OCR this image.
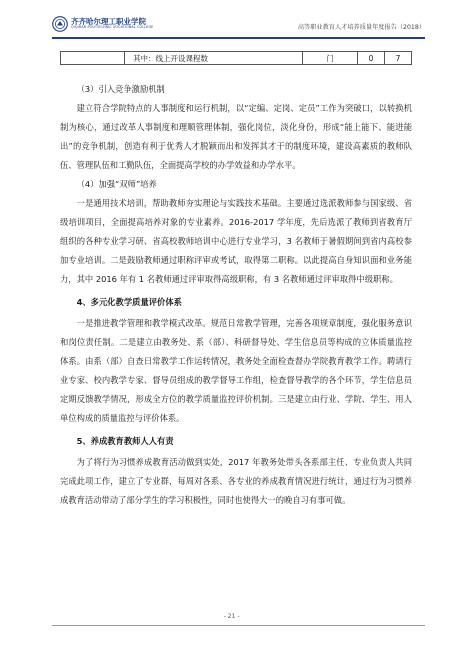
齐齐哈尔理工职业学院
QIQIHAR POLYTECHNIC VOCATIONAL COLLEGE	高等职业教育人才培养质量年度报告（2018）
其中：线上开设课程数	门	0	7
（3）引入竞争激励机制

建立符合学院特点的人事制度和运行机制，以“定编、定岗、定员”工作为突破口，以转换机制为核心，通过改革人事制度和理顺管理体制，强化岗位，淡化身份，形成“能上能下、能进能出”的竞争机制，创造有利于优秀人才脱颖而出和发挥其才干的制度环境，建设高素质的教师队伍、管理队伍和工勤队伍，全面提高学校的办学效益和办学水平。

（4）加强“双师”培养

一是通用技术培训，帮助教师夯实理论与实践技术基础。主要通过选派教师参与国家级、省级培训项目，全面提高培养对象的专业素养。2016-2017 学年度，先后选派了教师到省教育厅组织的各种专业学习研、省高校教师培训中心进行专业学习，3 名教师于暑假期间到省内高校参加专业培训。二是鼓励教师通过职称评审或考试，取得第二职称。以此提高自身知识面和业务能力，其中 2016 年有 1 名教师通过评审取得高级职称，有 3 名教师通过评审取得中级职称。

4、多元化教学质量评价体系

一是推进教学管理和教学模式改革。规范日常教学管理，完善各项规章制度，强化服务意识和岗位责任制。二是建立由教务处、系（部）、科研督导处、学生信息员等构成的立体质量监控体系。由系（部）自查日常教学工作运转情况，教务处全面检查督办学院教育教学工作。聘请行业专家、校内教学专家、督导员组成的教学督导工作组，检查督导教学的各个环节，学生信息员定期反馈教学情况，形成全方位的教学质量监控评价机制。三是建立由行业、学院、学生、用人单位构成的质量监控与评价体系。

5、养成教育教师人人有责

为了将行为习惯养成教育活动做到实处，2017 年教务处带头各系部主任、专业负责人共同完成此项工作，建立了专业群，每周对各系、各专业的养成教育情况进行统计，通过行为习惯养成教育活动带动了部分学生的学习积极性，同时也使得大一的晚自习有事可做。

- 21 -
